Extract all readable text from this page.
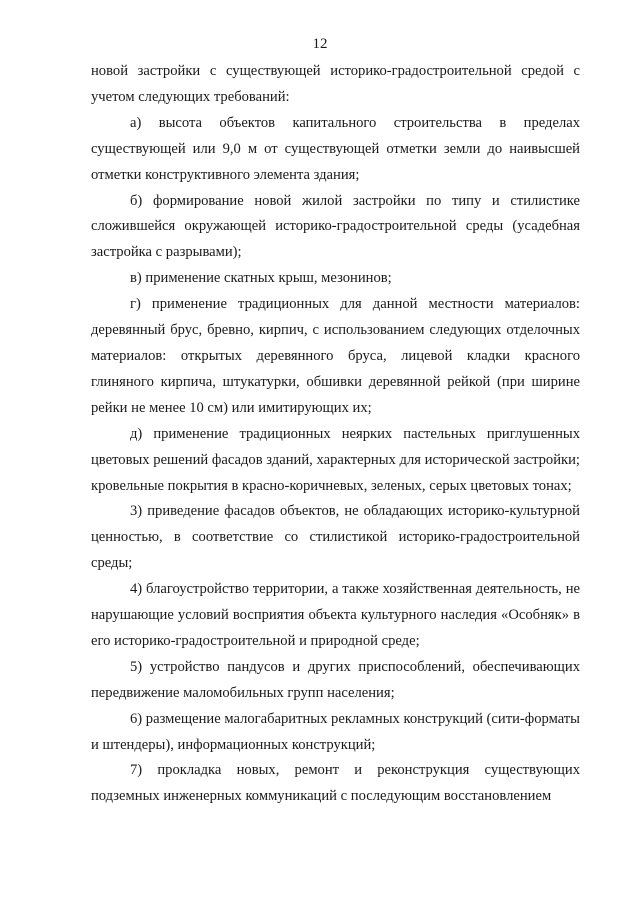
12

новой застройки с существующей историко-градостроительной средой с учетом следующих требований:

а) высота объектов капитального строительства в пределах существующей или 9,0 м от существующей отметки земли до наивысшей отметки конструктивного элемента здания;

б) формирование новой жилой застройки по типу и стилистике сложившейся окружающей историко-градостроительной среды (усадебная застройка с разрывами);

в) применение скатных крыш, мезонинов;

г) применение традиционных для данной местности материалов: деревянный брус, бревно, кирпич, с использованием следующих отделочных материалов: открытых деревянного бруса, лицевой кладки красного глиняного кирпича, штукатурки, обшивки деревянной рейкой (при ширине рейки не менее 10 см) или имитирующих их;

д) применение традиционных неярких пастельных приглушенных цветовых решений фасадов зданий, характерных для исторической застройки; кровельные покрытия в красно-коричневых, зеленых, серых цветовых тонах;

3) приведение фасадов объектов, не обладающих историко-культурной ценностью, в соответствие со стилистикой историко-градостроительной среды;

4) благоустройство территории, а также хозяйственная деятельность, не нарушающие условий восприятия объекта культурного наследия «Особняк» в его историко-градостроительной и природной среде;

5) устройство пандусов и других приспособлений, обеспечивающих передвижение маломобильных групп населения;

6) размещение малогабаритных рекламных конструкций (сити-форматы и штендеры), информационных конструкций;

7) прокладка новых, ремонт и реконструкция существующих подземных инженерных коммуникаций с последующим восстановлением
